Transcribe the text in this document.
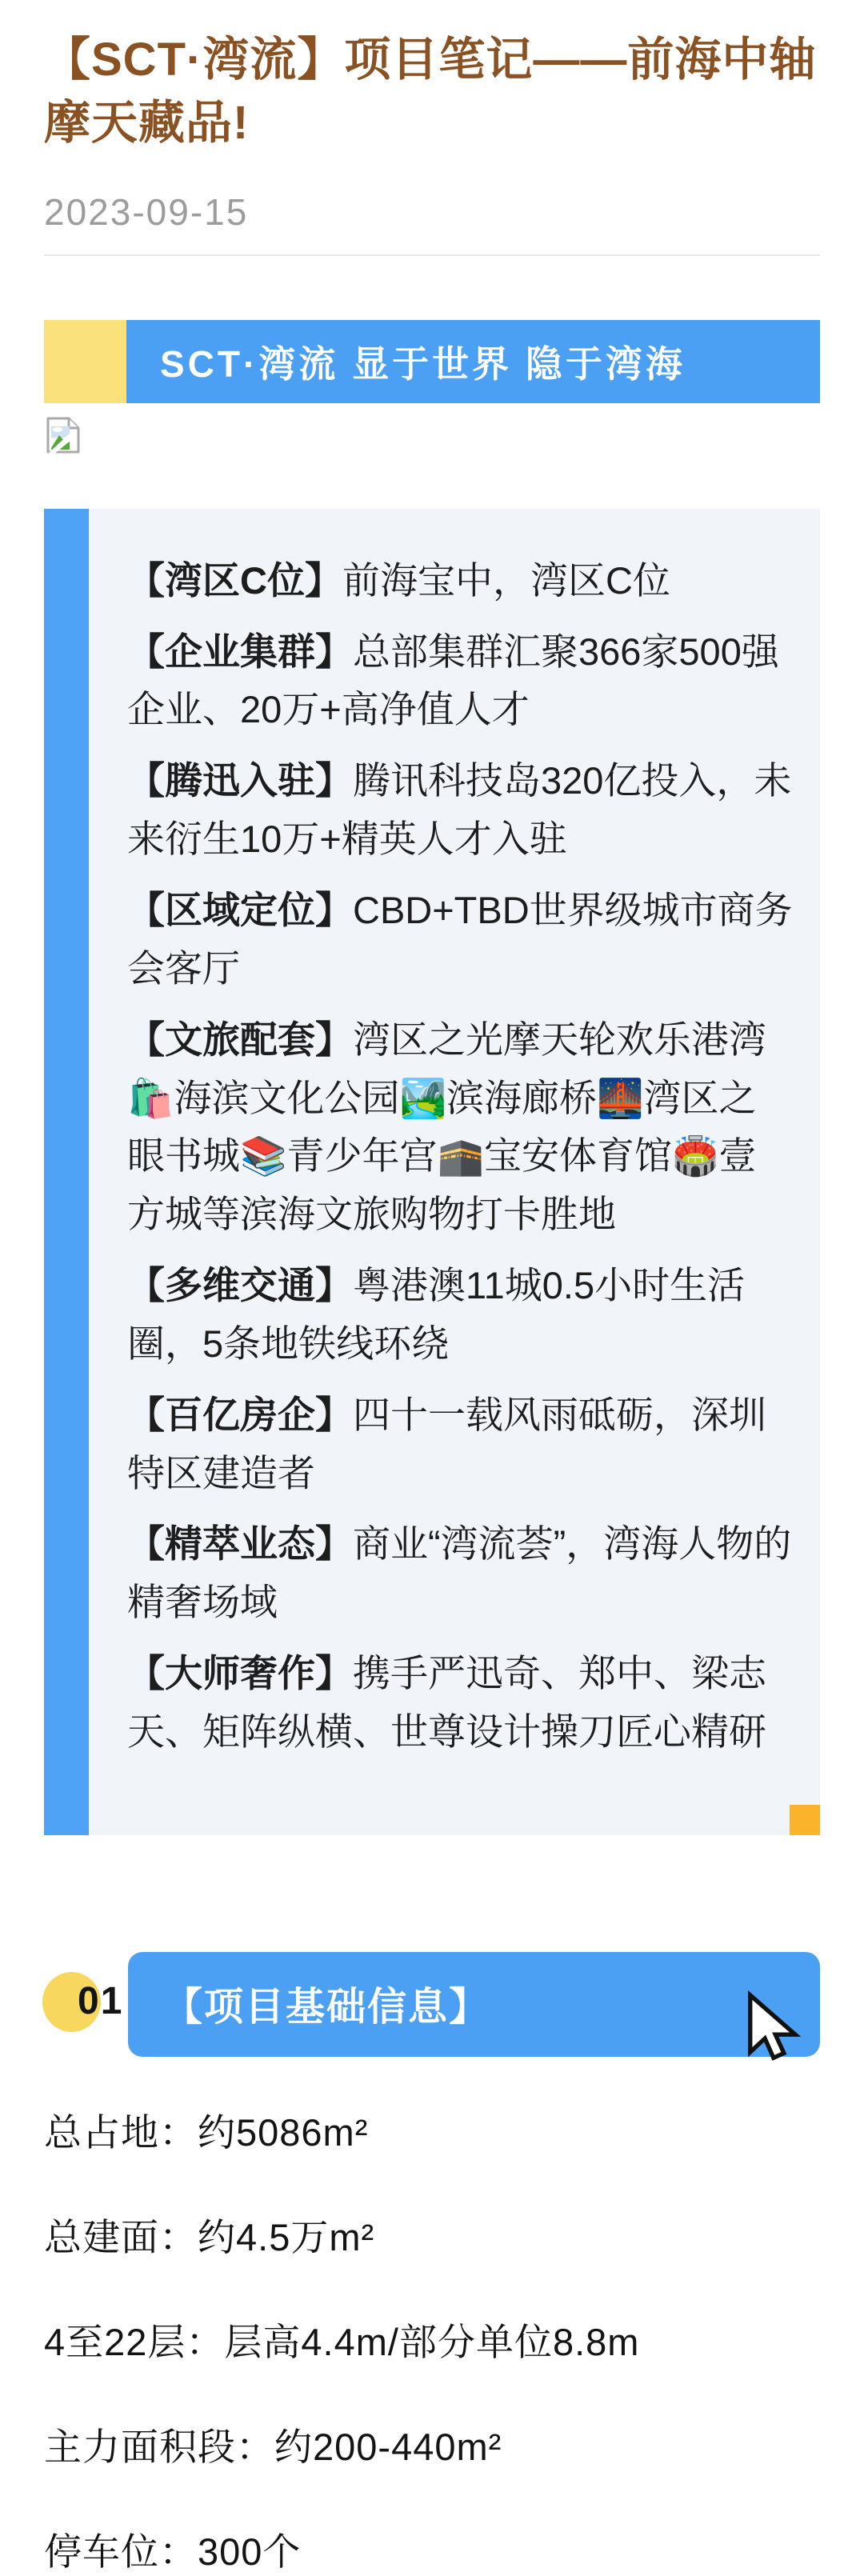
【SCT·湾流】项目笔记——前海中轴 摩天藏品!
2023-09-15
SCT·湾流 显于世界 隐于湾海

【湾区C位】前海宝中，湾区C位

【企业集群】总部集群汇聚366家500强企业、20万+高净值人才

【腾迅入驻】腾讯科技岛320亿投入，未来衍生10万+精英人才入驻

【区域定位】CBD+TBD世界级城市商务会客厅

【文旅配套】湾区之光摩天轮欢乐港湾🛍️海滨文化公园🏞️滨海廊桥🌉湾区之眼书城📚青少年宫🕋宝安体育馆🏟️壹方城等滨海文旅购物打卡胜地

【多维交通】粤港澳11城0.5小时生活圈，5条地铁线环绕

【百亿房企】四十一载风雨砥砺，深圳特区建造者

【精萃业态】商业“湾流荟”，湾海人物的精奢场域

【大师奢作】携手严迅奇、郑中、梁志天、矩阵纵横、世尊设计操刀匠心精研

01 【项目基础信息】
总占地：约5086m²
总建面：约4.5万m²
4至22层：层高4.4m/部分单位8.8m
主力面积段：约200-440m²
停车位：300个
